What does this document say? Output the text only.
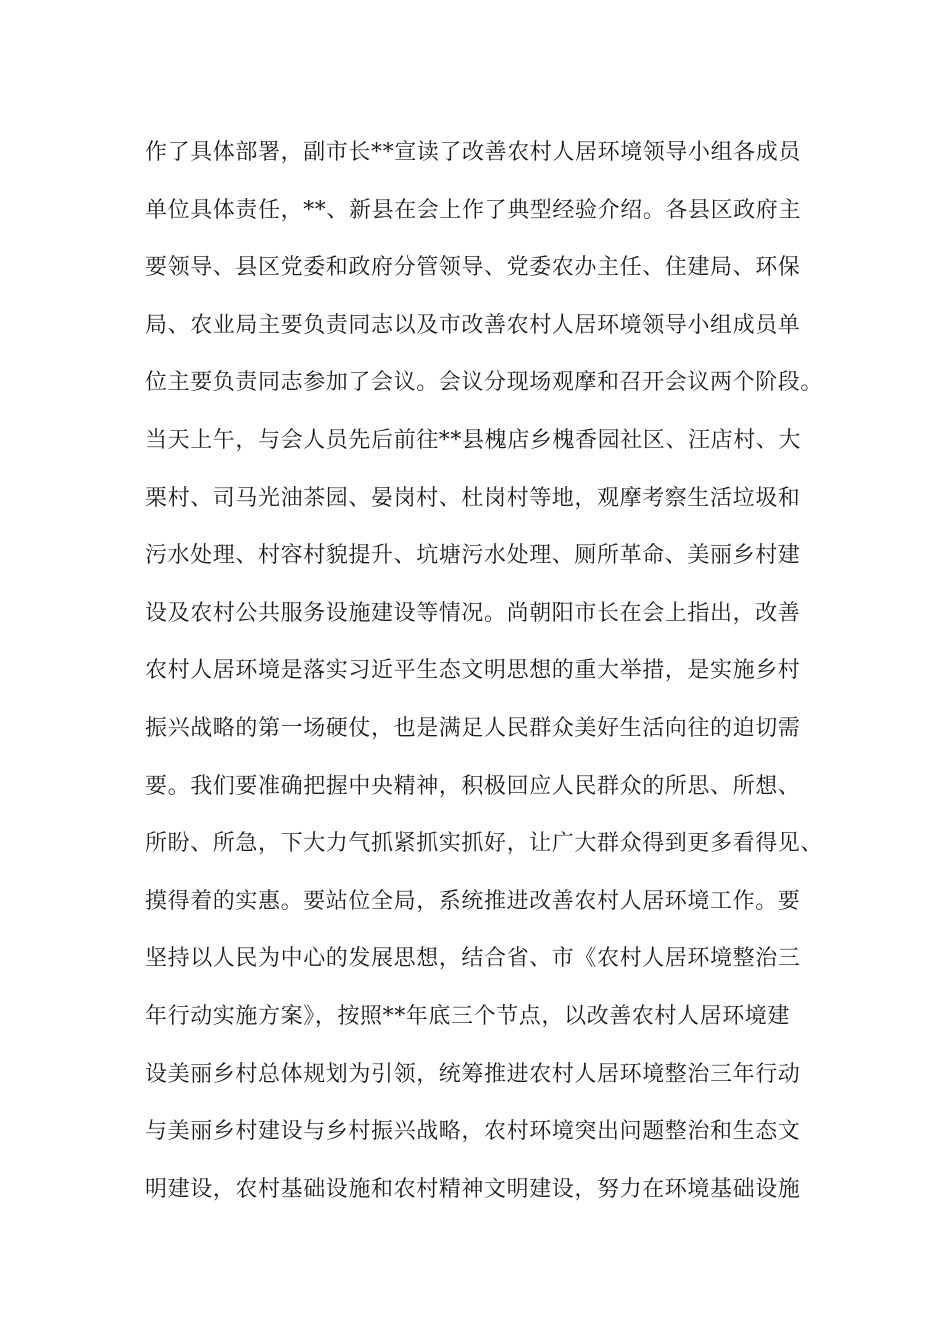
作了具体部署，副市长**宣读了改善农村人居环境领导小组各成员
单位具体责任，**、新县在会上作了典型经验介绍。各县区政府主
要领导、县区党委和政府分管领导、党委农办主任、住建局、环保
局、农业局主要负责同志以及市改善农村人居环境领导小组成员单
位主要负责同志参加了会议。会议分现场观摩和召开会议两个阶段。
当天上午，与会人员先后前往**县槐店乡槐香园社区、汪店村、大
栗村、司马光油茶园、晏岗村、杜岗村等地，观摩考察生活垃圾和
污水处理、村容村貌提升、坑塘污水处理、厕所革命、美丽乡村建
设及农村公共服务设施建设等情况。尚朝阳市长在会上指出，改善
农村人居环境是落实习近平生态文明思想的重大举措，是实施乡村
振兴战略的第一场硬仗，也是满足人民群众美好生活向往的迫切需
要。我们要准确把握中央精神，积极回应人民群众的所思、所想、
所盼、所急，下大力气抓紧抓实抓好，让广大群众得到更多看得见、
摸得着的实惠。要站位全局，系统推进改善农村人居环境工作。要
坚持以人民为中心的发展思想，结合省、市《农村人居环境整治三
年行动实施方案》，按照**年底三个节点，以改善农村人居环境建
设美丽乡村总体规划为引领，统筹推进农村人居环境整治三年行动
与美丽乡村建设与乡村振兴战略，农村环境突出问题整治和生态文
明建设，农村基础设施和农村精神文明建设，努力在环境基础设施
